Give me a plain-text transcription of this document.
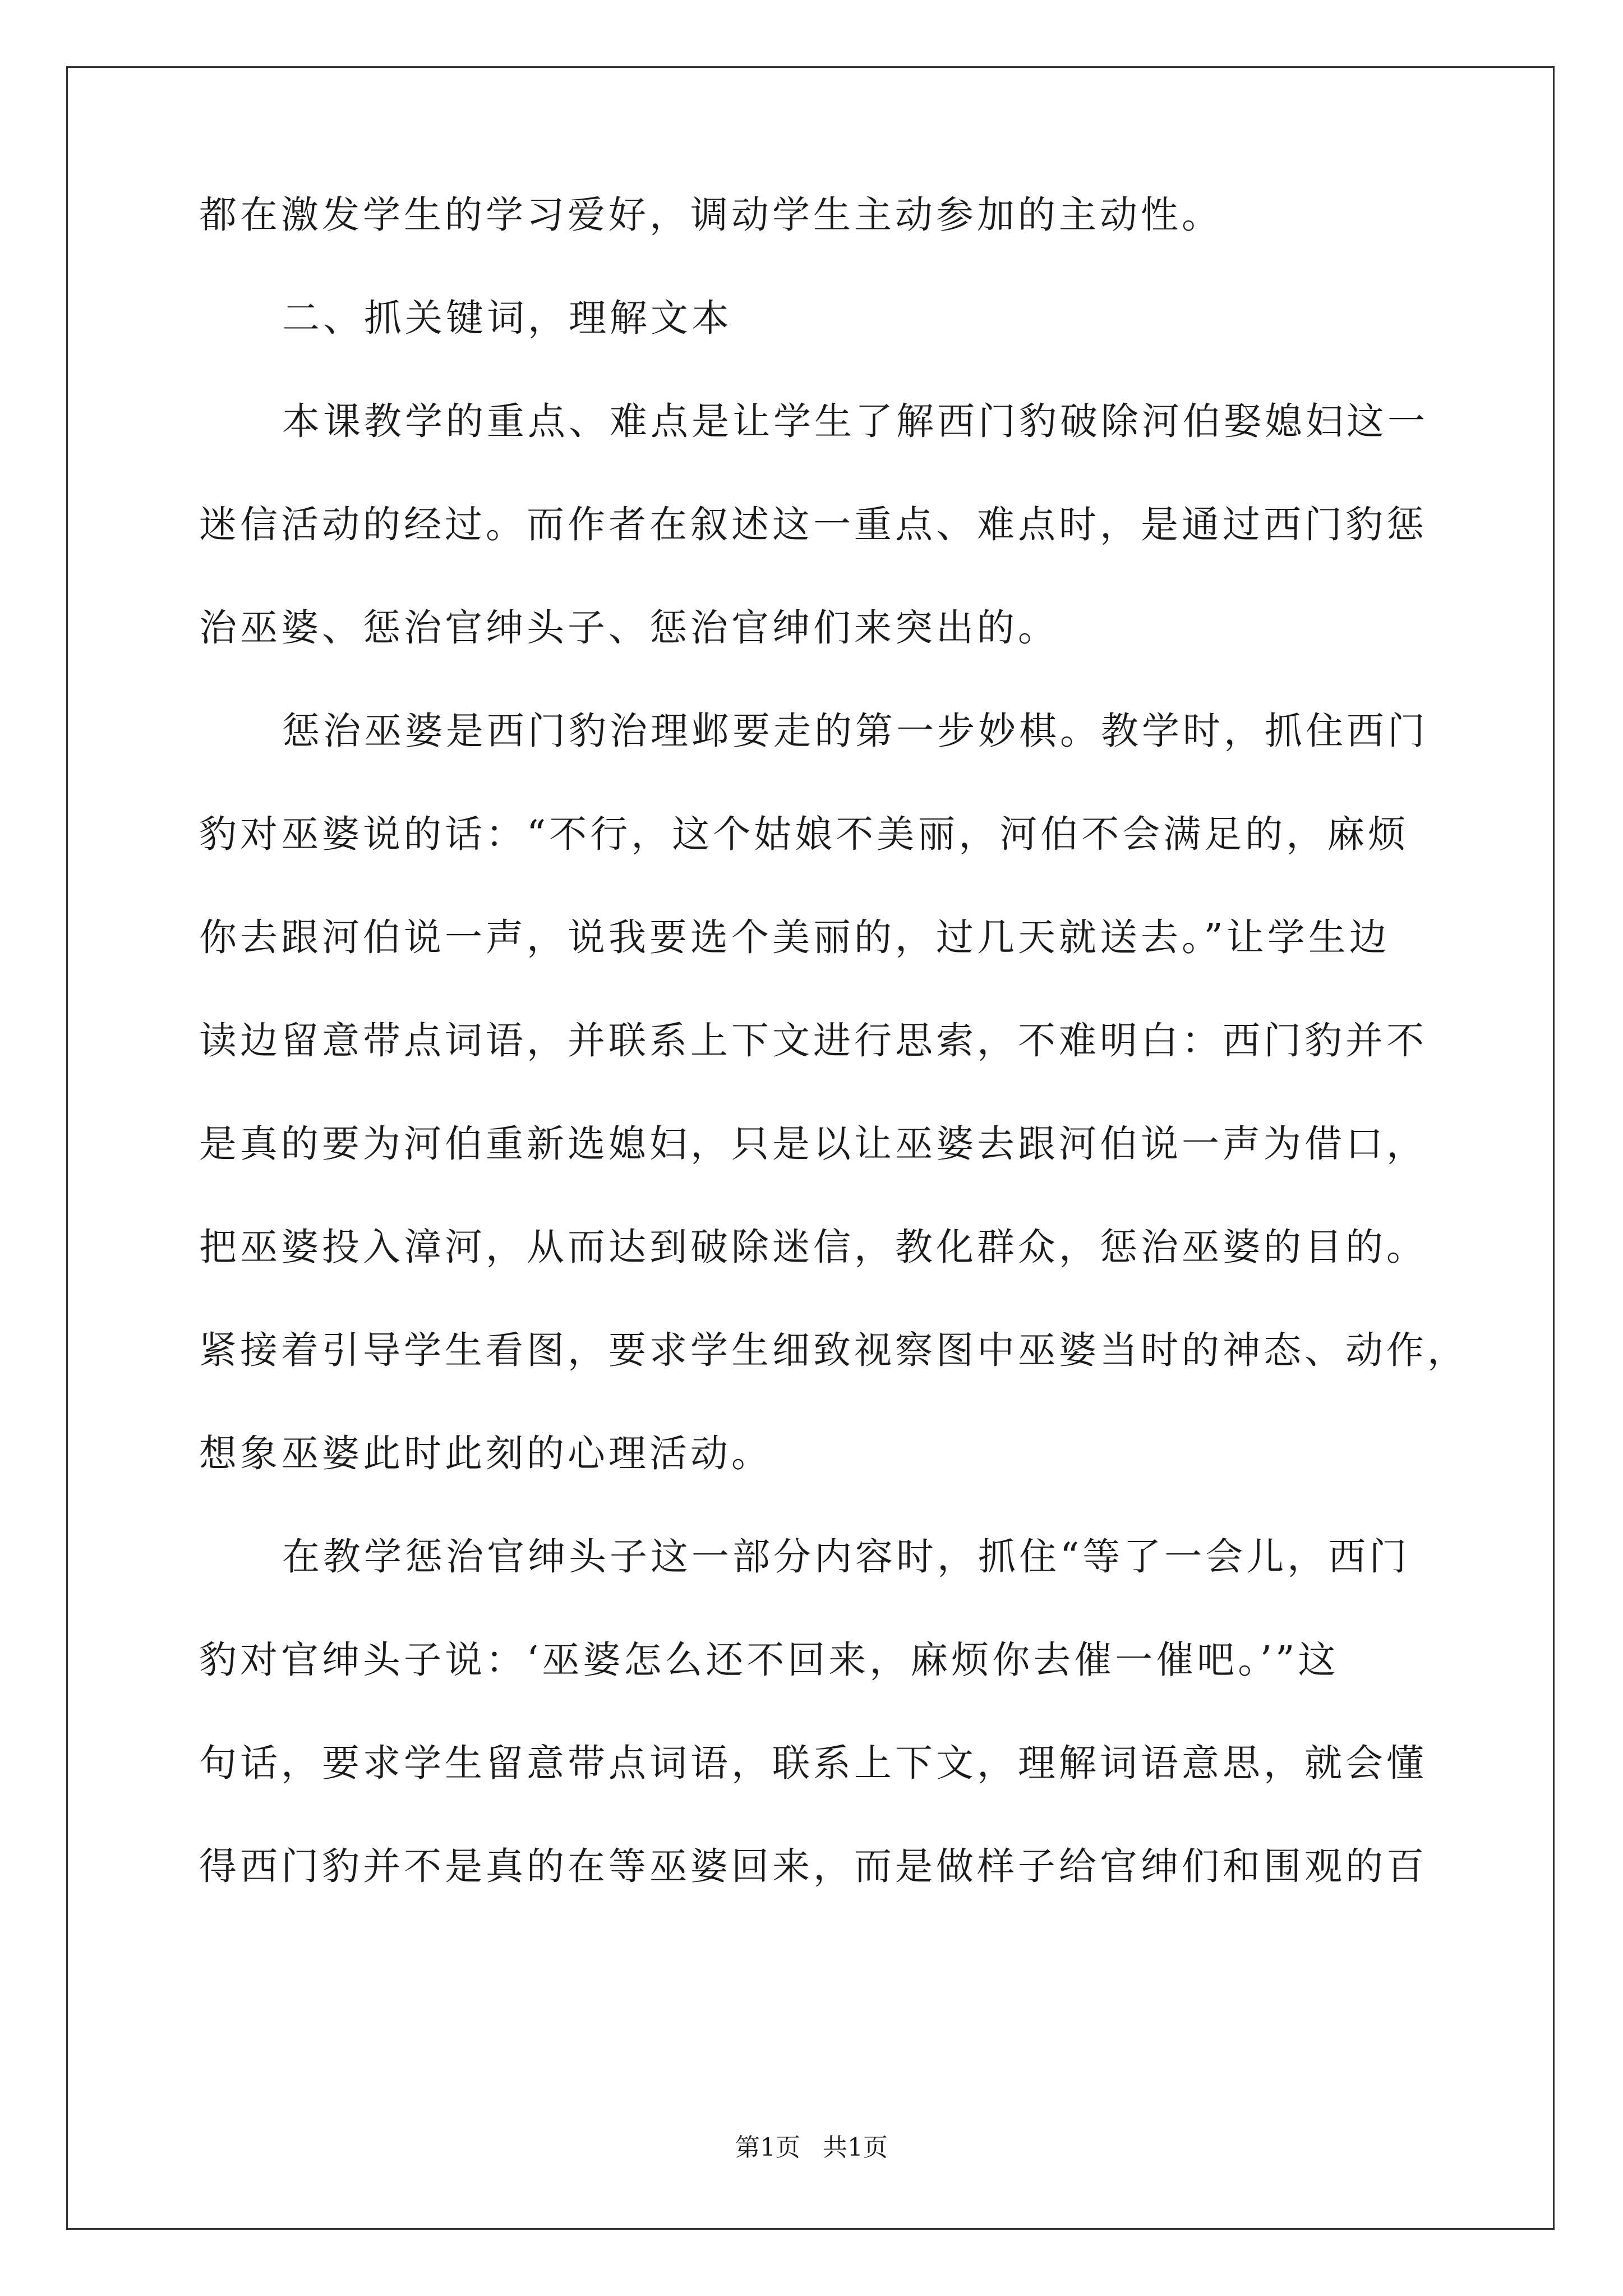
都在激发学生的学习爱好，调动学生主动参加的主动性。
二、抓关键词，理解文本
本课教学的重点、难点是让学生了解西门豹破除河伯娶媳妇这一
迷信活动的经过。而作者在叙述这一重点、难点时，是通过西门豹惩
治巫婆、惩治官绅头子、惩治官绅们来突出的。
惩治巫婆是西门豹治理邺要走的第一步妙棋。教学时，抓住西门
豹对巫婆说的话：“不行，这个姑娘不美丽，河伯不会满足的，麻烦
你去跟河伯说一声，说我要选个美丽的，过几天就送去。”让学生边
读边留意带点词语，并联系上下文进行思索，不难明白：西门豹并不
是真的要为河伯重新选媳妇，只是以让巫婆去跟河伯说一声为借口，
把巫婆投入漳河，从而达到破除迷信，教化群众，惩治巫婆的目的。
紧接着引导学生看图，要求学生细致视察图中巫婆当时的神态、动作，
想象巫婆此时此刻的心理活动。
在教学惩治官绅头子这一部分内容时，抓住“等了一会儿，西门
豹对官绅头子说：‘巫婆怎么还不回来，麻烦你去催一催吧。’”这
句话，要求学生留意带点词语，联系上下文，理解词语意思，就会懂
得西门豹并不是真的在等巫婆回来，而是做样子给官绅们和围观的百
第1页 共1页
